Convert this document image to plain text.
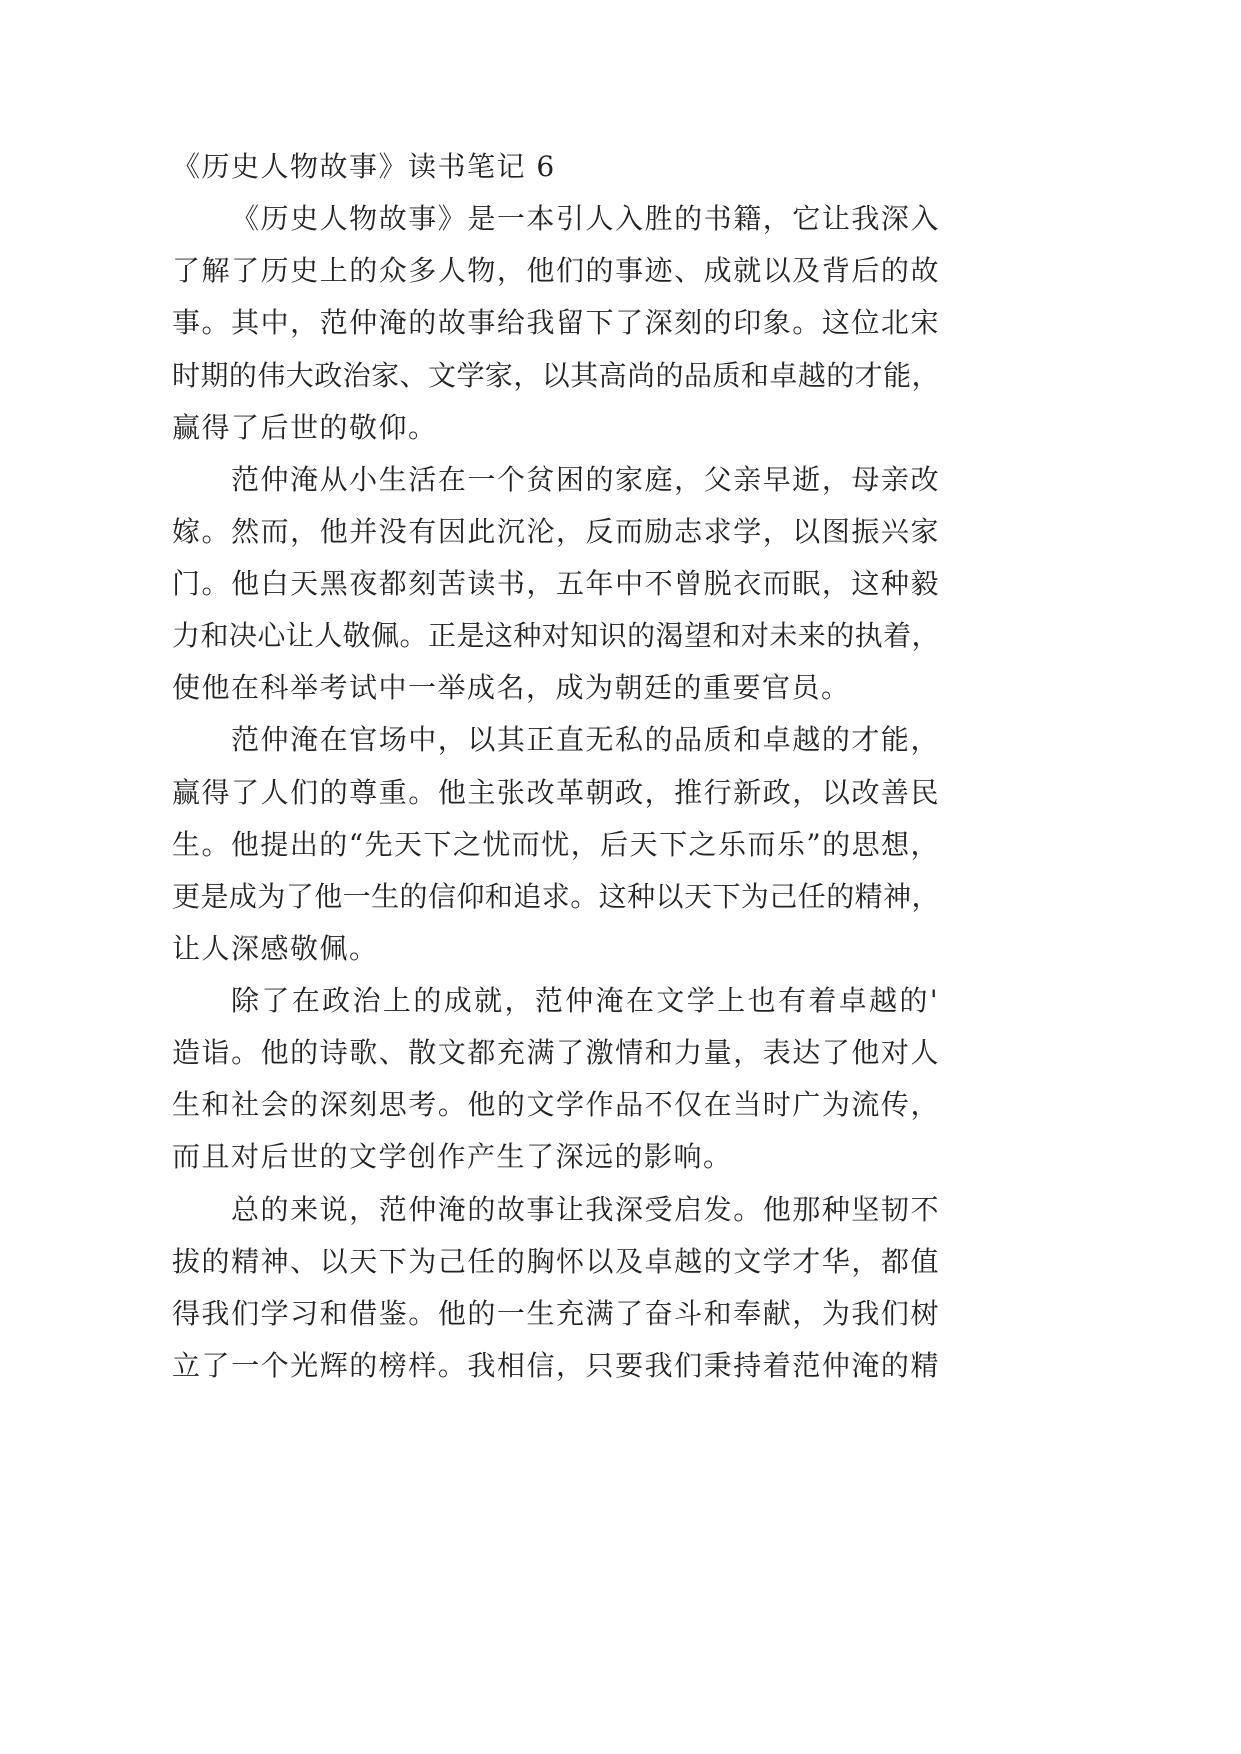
《历史人物故事》读书笔记 6
《历史人物故事》是一本引人入胜的书籍，它让我深入
了解了历史上的众多人物，他们的事迹、成就以及背后的故
事。其中，范仲淹的故事给我留下了深刻的印象。这位北宋
时期的伟大政治家、文学家，以其高尚的品质和卓越的才能，
赢得了后世的敬仰。
范仲淹从小生活在一个贫困的家庭，父亲早逝，母亲改
嫁。然而，他并没有因此沉沦，反而励志求学，以图振兴家
门。他白天黑夜都刻苦读书，五年中不曾脱衣而眠，这种毅
力和决心让人敬佩。正是这种对知识的渴望和对未来的执着，
使他在科举考试中一举成名，成为朝廷的重要官员。
范仲淹在官场中，以其正直无私的品质和卓越的才能，
赢得了人们的尊重。他主张改革朝政，推行新政，以改善民
生。他提出的“先天下之忧而忧，后天下之乐而乐”的思想，
更是成为了他一生的信仰和追求。这种以天下为己任的精神，
让人深感敬佩。
除了在政治上的成就，范仲淹在文学上也有着卓越的'
造诣。他的诗歌、散文都充满了激情和力量，表达了他对人
生和社会的深刻思考。他的文学作品不仅在当时广为流传，
而且对后世的文学创作产生了深远的影响。
总的来说，范仲淹的故事让我深受启发。他那种坚韧不
拔的精神、以天下为己任的胸怀以及卓越的文学才华，都值
得我们学习和借鉴。他的一生充满了奋斗和奉献，为我们树
立了一个光辉的榜样。我相信，只要我们秉持着范仲淹的精
